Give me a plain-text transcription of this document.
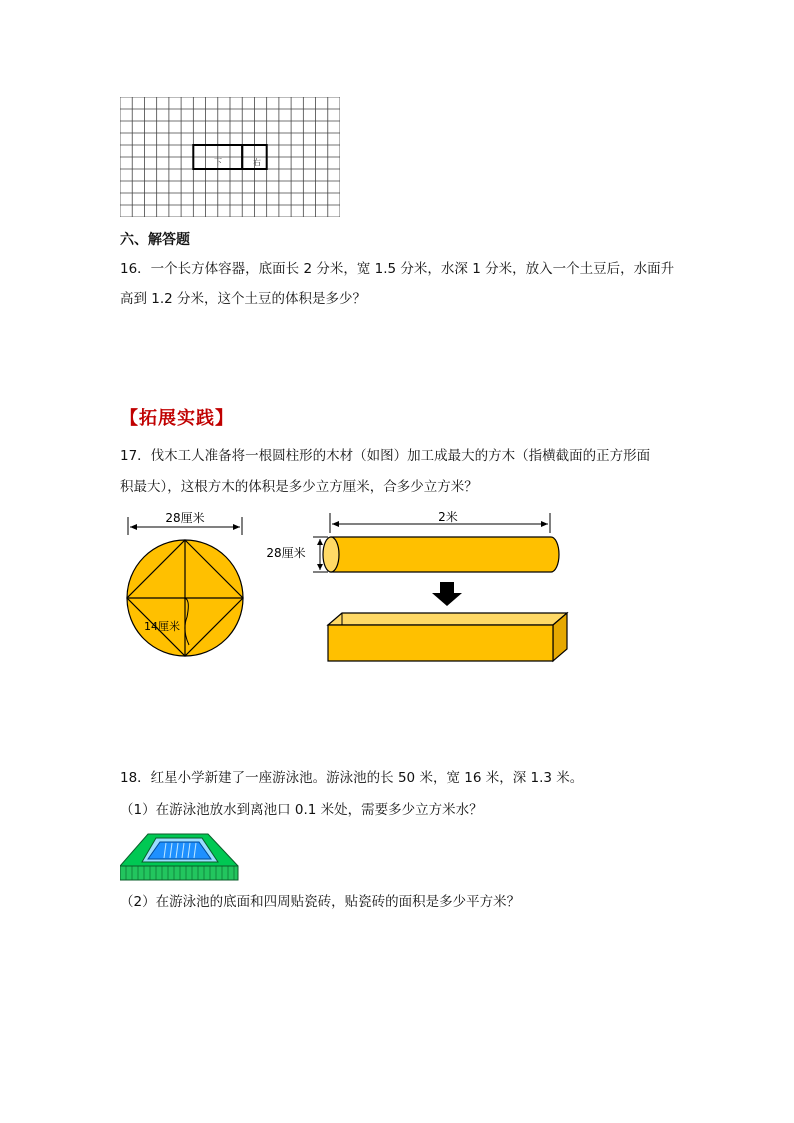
下	右
六、解答题
16．一个长方体容器，底面长 2 分米，宽 1.5 分米，水深 1 分米，放入一个土豆后，水面升
高到 1.2 分米，这个土豆的体积是多少？
【拓展实践】
17．伐木工人准备将一根圆柱形的木材（如图）加工成最大的方木（指横截面的正方形面
积最大），这根方木的体积是多少立方厘米，合多少立方米？
28厘米
14厘米
2米
28厘米
18．红星小学新建了一座游泳池。游泳池的长 50 米，宽 16 米，深 1.3 米。
（1）在游泳池放水到离池口 0.1 米处，需要多少立方米水？
（2）在游泳池的底面和四周贴瓷砖，贴瓷砖的面积是多少平方米？
